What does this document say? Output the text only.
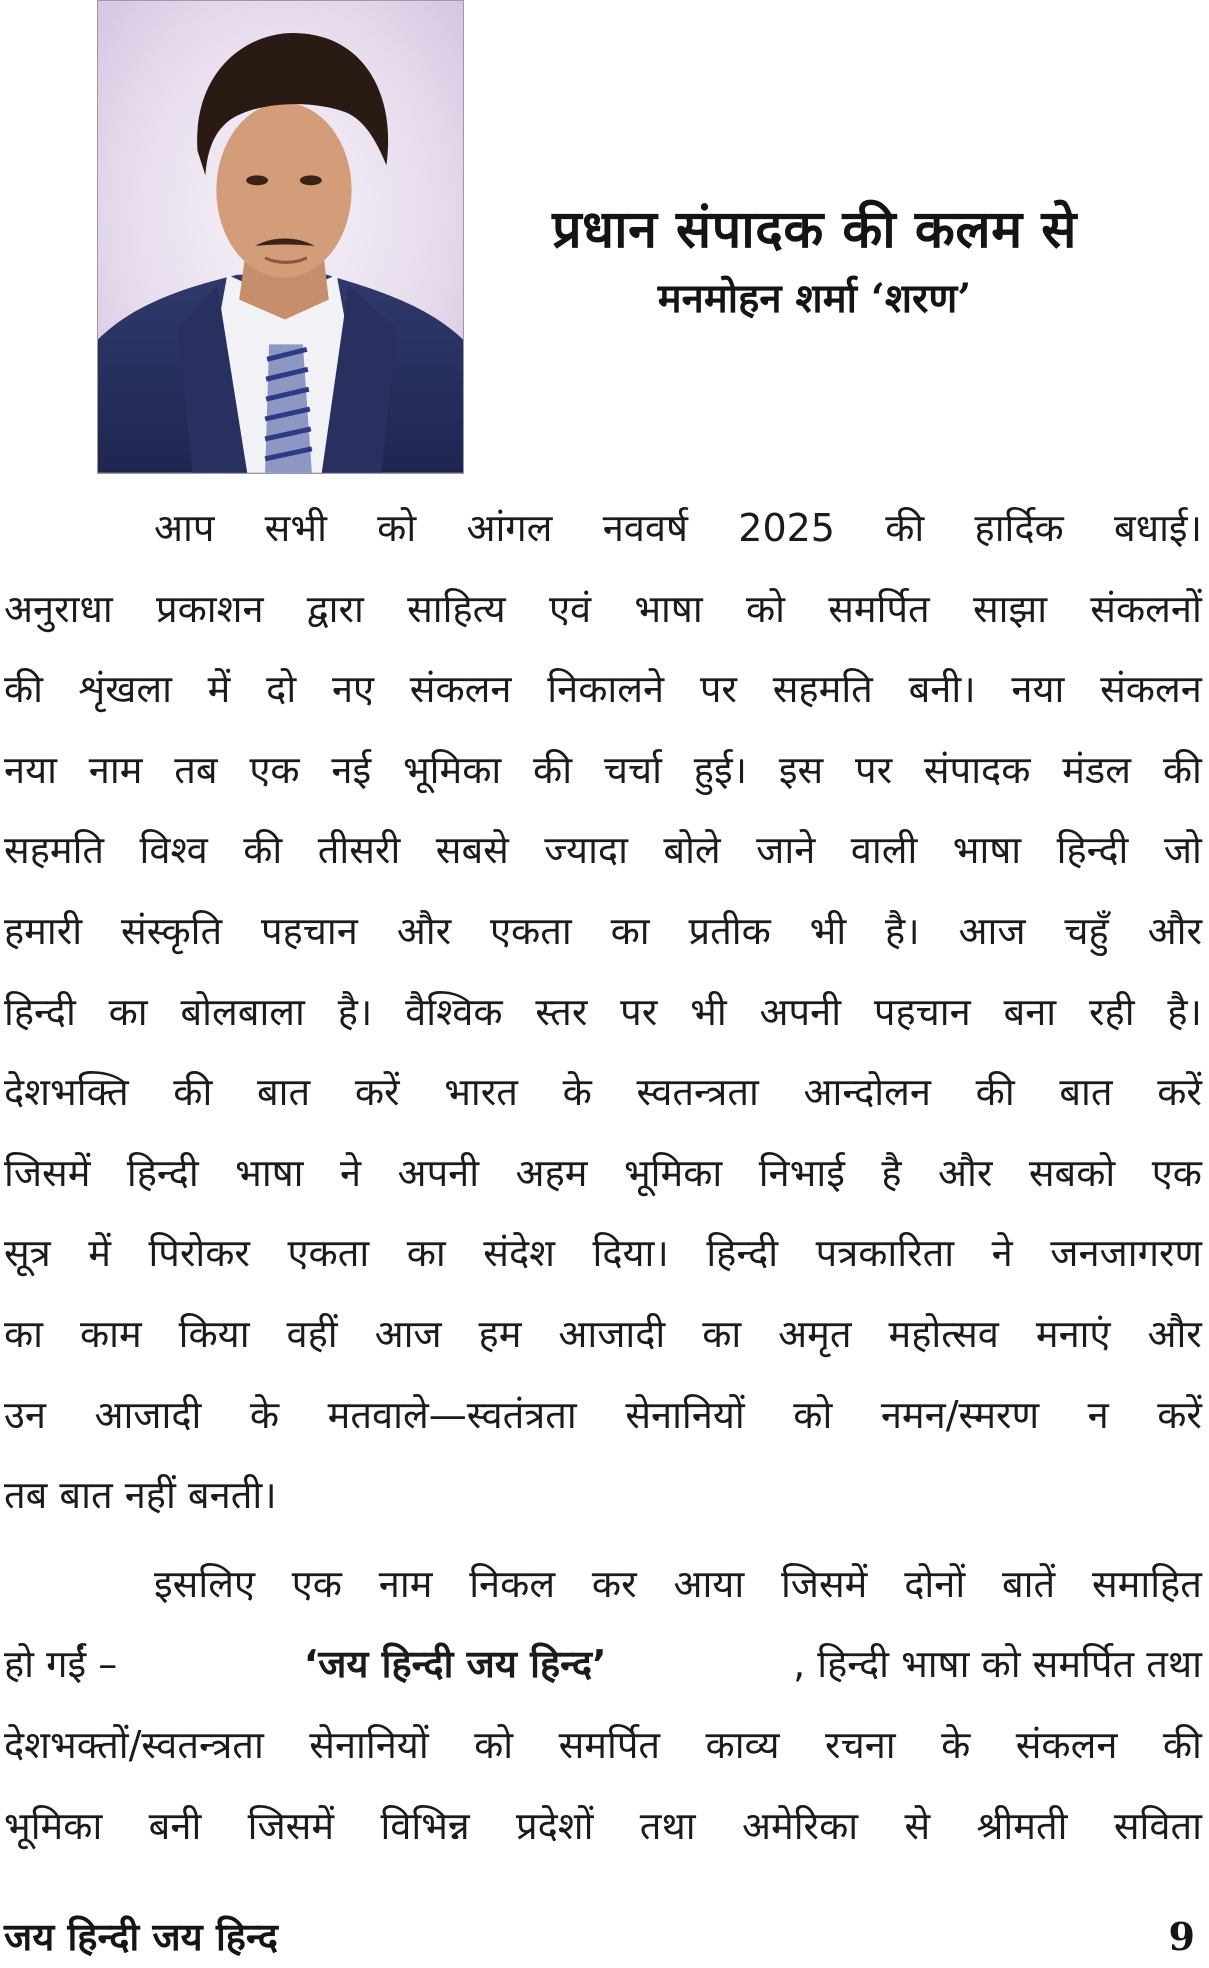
प्रधान संपादक की कलम से
मनमोहन शर्मा ‘शरण’
आप सभी को आंगल नववर्ष 2025 की हार्दिक बधाई।
अनुराधा प्रकाशन द्वारा साहित्य एवं भाषा को समर्पित साझा संकलनों
की शृंखला में दो नए संकलन निकालने पर सहमति बनी। नया संकलन
नया नाम तब एक नई भूमिका की चर्चा हुई। इस पर संपादक मंडल की
सहमति विश्व की तीसरी सबसे ज्यादा बोले जाने वाली भाषा हिन्दी जो
हमारी संस्कृति पहचान और एकता का प्रतीक भी है। आज चहुँ और
हिन्दी का बोलबाला है। वैश्विक स्तर पर भी अपनी पहचान बना रही है।
देशभक्ति की बात करें भारत के स्वतन्त्रता आन्दोलन की बात करें
जिसमें हिन्दी भाषा ने अपनी अहम भूमिका निभाई है और सबको एक
सूत्र में पिरोकर एकता का संदेश दिया। हिन्दी पत्रकारिता ने जनजागरण
का काम किया वहीं आज हम आजादी का अमृत महोत्सव मनाएं और
उन आजादी के मतवाले—स्वतंत्रता सेनानियों को नमन/स्मरण न करें
तब बात नहीं बनती।
इसलिए एक नाम निकल कर आया जिसमें दोनों बातें समाहित
हो गईं –	‘जय हिन्दी जय हिन्द’	, हिन्दी भाषा को समर्पित तथा
देशभक्तों/स्वतन्त्रता सेनानियों को समर्पित काव्य रचना के संकलन की
भूमिका बनी जिसमें विभिन्न प्रदेशों तथा अमेरिका से श्रीमती सविता
जय हिन्दी जय हिन्द	9
